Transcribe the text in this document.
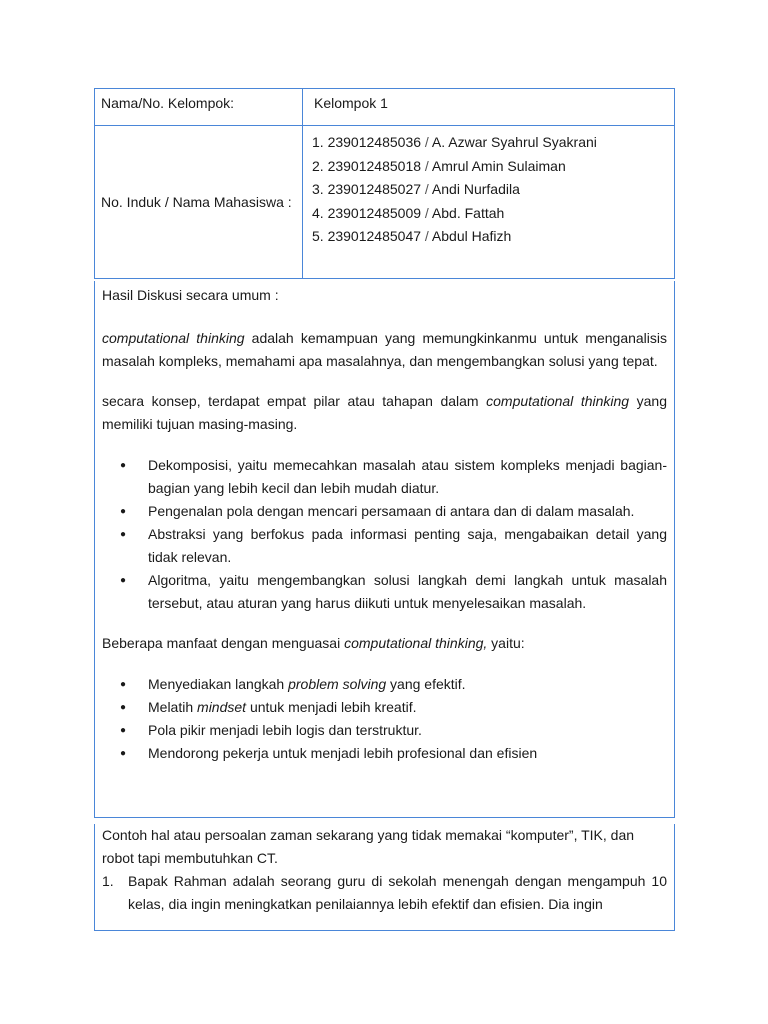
Nama/No. Kelompok:	Kelompok 1
No. Induk / Nama Mahasiswa :
1. 239012485036 / A. Azwar Syahrul Syakrani
2. 239012485018 / Amrul Amin Sulaiman
3. 239012485027 / Andi Nurfadila
4. 239012485009 / Abd. Fattah
5. 239012485047 / Abdul Hafizh
Hasil Diskusi secara umum :

computational thinking adalah kemampuan yang memungkinkanmu untuk menganalisis masalah kompleks, memahami apa masalahnya, dan mengembangkan solusi yang tepat.

secara konsep, terdapat empat pilar atau tahapan dalam computational thinking yang memiliki tujuan masing-masing.

● Dekomposisi, yaitu memecahkan masalah atau sistem kompleks menjadi bagian-bagian yang lebih kecil dan lebih mudah diatur.
● Pengenalan pola dengan mencari persamaan di antara dan di dalam masalah.
● Abstraksi yang berfokus pada informasi penting saja, mengabaikan detail yang tidak relevan.
● Algoritma, yaitu mengembangkan solusi langkah demi langkah untuk masalah tersebut, atau aturan yang harus diikuti untuk menyelesaikan masalah.

Beberapa manfaat dengan menguasai computational thinking, yaitu:

● Menyediakan langkah problem solving yang efektif.
● Melatih mindset untuk menjadi lebih kreatif.
● Pola pikir menjadi lebih logis dan terstruktur.
● Mendorong pekerja untuk menjadi lebih profesional dan efisien

Contoh hal atau persoalan zaman sekarang yang tidak memakai “komputer”, TIK, dan robot tapi membutuhkan CT.

1. Bapak Rahman adalah seorang guru di sekolah menengah dengan mengampuh 10 kelas, dia ingin meningkatkan penilaiannya lebih efektif dan efisien. Dia ingin
